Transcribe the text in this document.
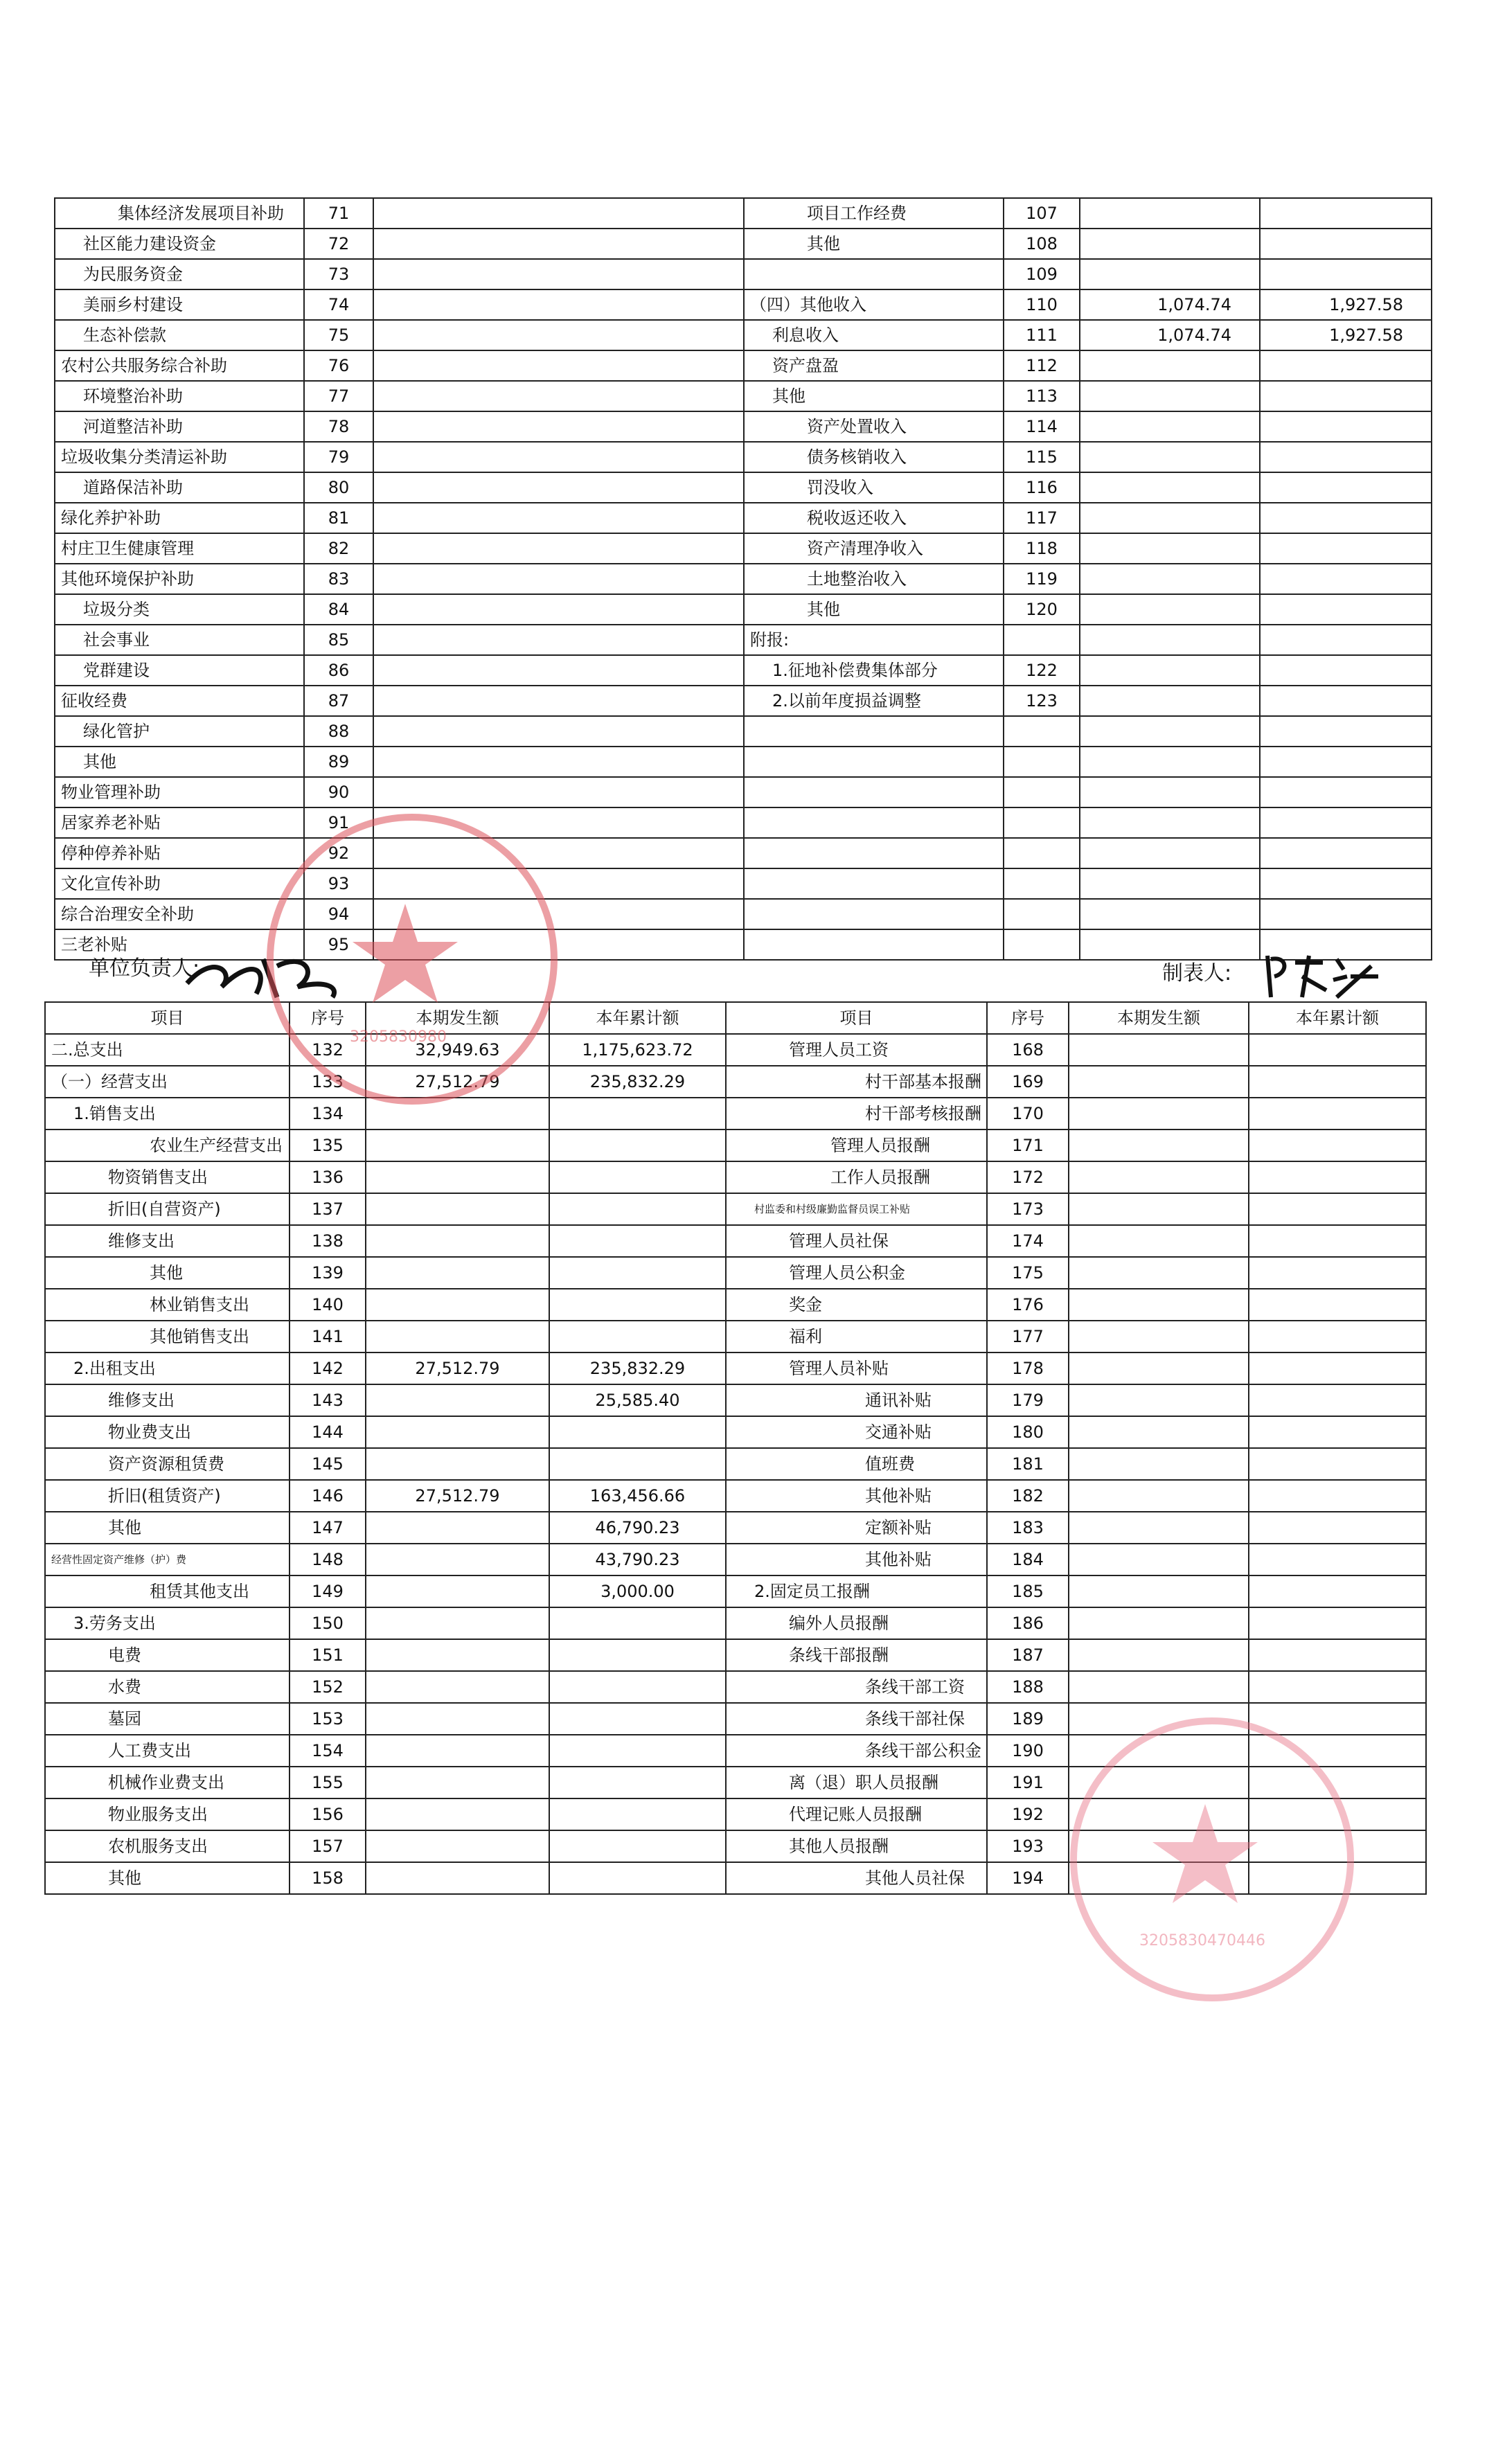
集体经济发展项目补助	71		项目工作经费	107		
社区能力建设资金	72		其他	108		
为民服务资金	73			109		
美丽乡村建设	74		（四）其他收入	110	1,074.74	1,927.58
生态补偿款	75		利息收入	111	1,074.74	1,927.58
农村公共服务综合补助	76		资产盘盈	112		
环境整治补助	77		其他	113		
河道整洁补助	78		资产处置收入	114		
垃圾收集分类清运补助	79		债务核销收入	115		
道路保洁补助	80		罚没收入	116		
绿化养护补助	81		税收返还收入	117		
村庄卫生健康管理	82		资产清理净收入	118		
其他环境保护补助	83		土地整治收入	119		
垃圾分类	84		其他	120		
社会事业	85		附报:			
党群建设	86		1.征地补偿费集体部分	122		
征收经费	87		2.以前年度损益调整	123		
绿化管护	88					
其他	89					
物业管理补助	90					
居家养老补贴	91					
停种停养补贴	92					
文化宣传补助	93					
综合治理安全补助	94					
三老补贴	95					
单位负责人:	制表人:
项目	序号	本期发生额	本年累计额	项目	序号	本期发生额	本年累计额
二.总支出	132	32,949.63	1,175,623.72	管理人员工资	168		
（一）经营支出	133	27,512.79	235,832.29	村干部基本报酬	169		
1.销售支出	134			村干部考核报酬	170		
农业生产经营支出	135			管理人员报酬	171		
物资销售支出	136			工作人员报酬	172		
折旧(自营资产)	137			村监委和村级廉勤监督员误工补贴	173		
维修支出	138			管理人员社保	174		
其他	139			管理人员公积金	175		
林业销售支出	140			奖金	176		
其他销售支出	141			福利	177		
2.出租支出	142	27,512.79	235,832.29	管理人员补贴	178		
维修支出	143		25,585.40	通讯补贴	179		
物业费支出	144			交通补贴	180		
资产资源租赁费	145			值班费	181		
折旧(租赁资产)	146	27,512.79	163,456.66	其他补贴	182		
其他	147		46,790.23	定额补贴	183		
经营性固定资产维修（护）费	148		43,790.23	其他补贴	184		
租赁其他支出	149		3,000.00	2.固定员工报酬	185		
3.劳务支出	150			编外人员报酬	186		
电费	151			条线干部报酬	187		
水费	152			条线干部工资	188		
墓园	153			条线干部社保	189		
人工费支出	154			条线干部公积金	190		
机械作业费支出	155			离（退）职人员报酬	191		
物业服务支出	156			代理记账人员报酬	192		
农机服务支出	157			其他人员报酬	193		
其他	158			其他人员社保	194		
3205830980
3205830470446
